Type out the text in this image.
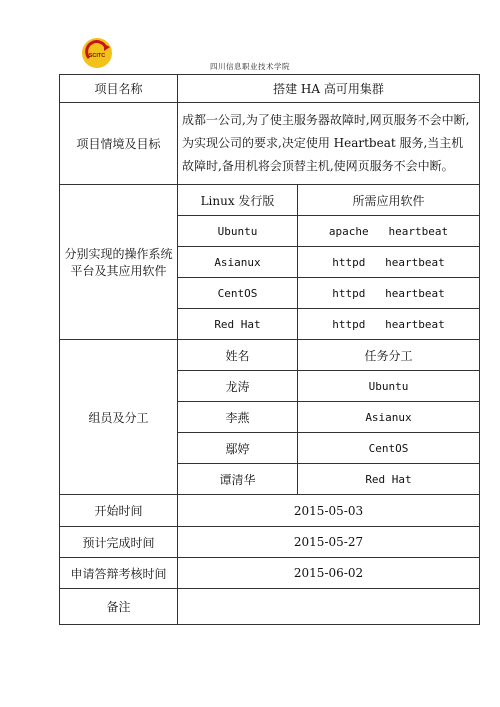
SCITC
四川信息职业技术学院
项目名称	搭建 HA 高可用集群	
项目情境及目标	成都一公司,为了使主服务器故障时,网页服务不会中断,为实现公司的要求,决定使用 Heartbeat 服务,当主机故障时,备用机将会顶替主机,使网页服务不会中断。	

分别实现的操作系统
平台及其应用软件	Linux 发行版	所需应用软件
	Ubuntu	apache   heartbeat
	Asianux	httpd   heartbeat
	CentOS	httpd   heartbeat
	Red Hat	httpd   heartbeat
组员及分工	姓名	任务分工
	龙涛	Ubuntu
	李燕	Asianux
	鄢婷	CentOS
	谭清华	Red Hat
开始时间	2015-05-03	
预计完成时间	2015-05-27	
申请答辩考核时间	2015-06-02	
备注		
